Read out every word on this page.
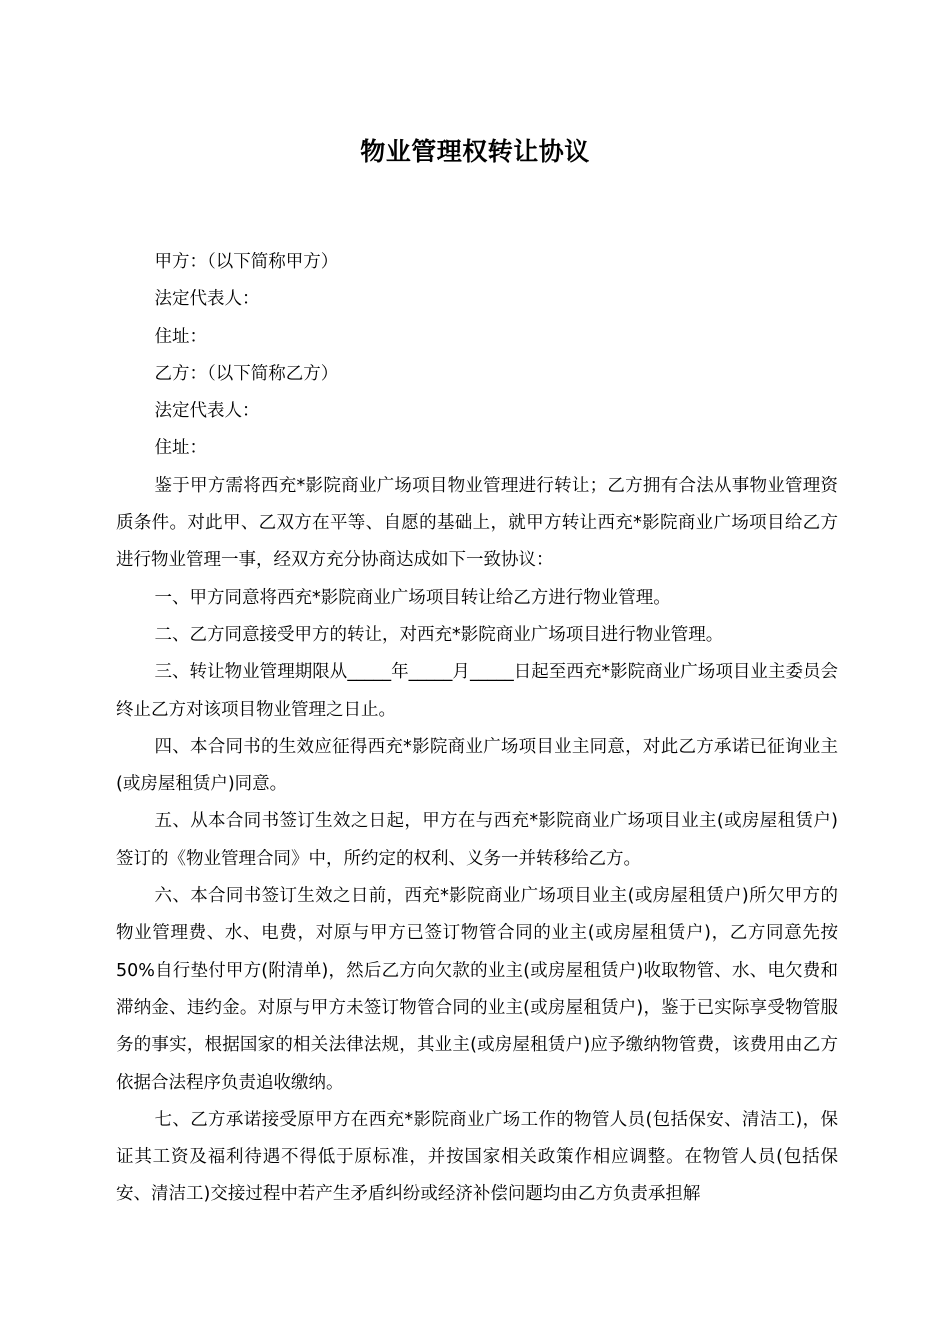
物业管理权转让协议

甲方：（以下简称甲方）

法定代表人：

住址：

乙方：（以下简称乙方）

法定代表人：

住址：

鉴于甲方需将西充*影院商业广场项目物业管理进行转让；乙方拥有合法从事物业管理资质条件。对此甲、乙双方在平等、自愿的基础上，就甲方转让西充*影院商业广场项目给乙方进行物业管理一事，经双方充分协商达成如下一致协议：

一、甲方同意将西充*影院商业广场项目转让给乙方进行物业管理。

二、乙方同意接受甲方的转让，对西充*影院商业广场项目进行物业管理。

三、转让物业管理期限从_____年_____月_____日起至西充*影院商业广场项目业主委员会终止乙方对该项目物业管理之日止。

四、本合同书的生效应征得西充*影院商业广场项目业主同意，对此乙方承诺已征询业主(或房屋租赁户)同意。

五、从本合同书签订生效之日起，甲方在与西充*影院商业广场项目业主(或房屋租赁户)签订的《物业管理合同》中，所约定的权利、义务一并转移给乙方。

六、本合同书签订生效之日前，西充*影院商业广场项目业主(或房屋租赁户)所欠甲方的物业管理费、水、电费，对原与甲方已签订物管合同的业主(或房屋租赁户)，乙方同意先按50%自行垫付甲方(附清单)，然后乙方向欠款的业主(或房屋租赁户)收取物管、水、电欠费和滞纳金、违约金。对原与甲方未签订物管合同的业主(或房屋租赁户)，鉴于已实际享受物管服务的事实，根据国家的相关法律法规，其业主(或房屋租赁户)应予缴纳物管费，该费用由乙方依据合法程序负责追收缴纳。

七、乙方承诺接受原甲方在西充*影院商业广场工作的物管人员(包括保安、清洁工)，保证其工资及福利待遇不得低于原标准，并按国家相关政策作相应调整。在物管人员(包括保安、清洁工)交接过程中若产生矛盾纠纷或经济补偿问题均由乙方负责承担解
